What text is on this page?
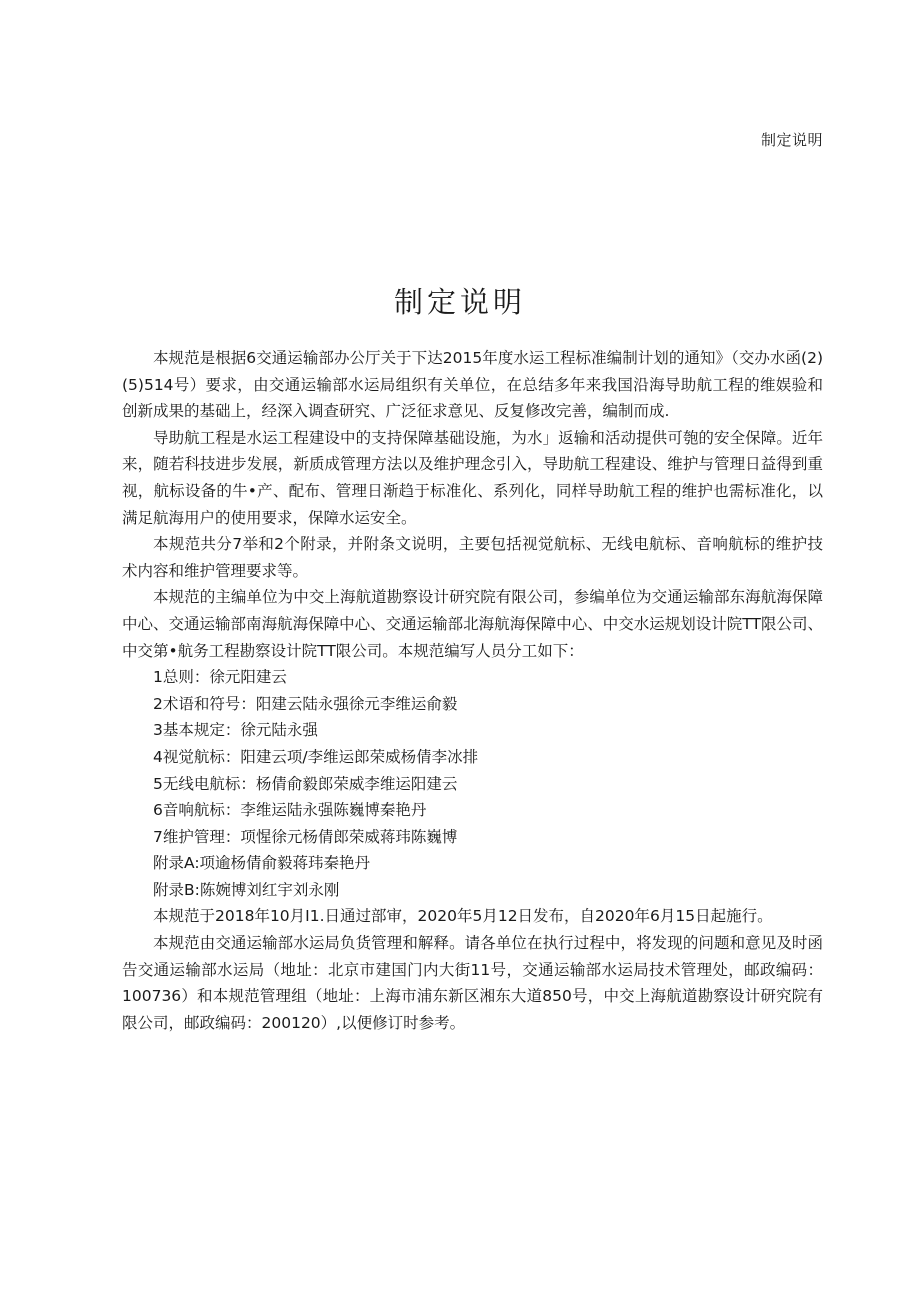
制定说明
制定说明

本规范是根据6交通运输部办公厅关于下达2015年度水运工程标准编制计划的通知》（交办水函(2)(5)514号）要求，由交通运输部水运局组织有关单位，在总结多年来我国沿海导助航工程的维娱验和创新成果的基础上，经深入调查研究、广泛征求意见、反复修改完善，编制而成.

导助航工程是水运工程建设中的支持保障基础设施，为水」返输和活动提供可匏的安全保障。近年来，随若科技进步发展，新质成管理方法以及维护理念引入，导助航工程建设、维护与管理日益得到重视，航标设备的牛•产、配布、管理日渐趋于标准化、系列化，同样导助航工程的维护也需标准化，以满足航海用户的使用要求，保障水运安全。

本规范共分7举和2个附录，并附条文说明，主要包括视觉航标、无线电航标、音响航标的维护技术内容和维护管理要求等。

本规范的主编单位为中交上海航道勘察设计研究院有限公司，参编单位为交通运输部东海航海保障中心、交通运输部南海航海保障中心、交通运输部北海航海保障中心、中交水运规划设计院TT限公司、中交第•航务工程勘察设计院TT限公司。本规范编写人员分工如下：

1总则：徐元阳建云

2术语和符号：阳建云陆永强徐元李维运俞毅

3基本规定：徐元陆永强

4视觉航标：阳建云项/李维运郎荣威杨倩李冰排

5无线电航标：杨倩俞毅郎荣威李维运阳建云

6音响航标：李维运陆永强陈巍博秦艳丹

7维护管理：项惺徐元杨倩郎荣威蒋玮陈巍博

附录A:项逾杨倩俞毅蒋玮秦艳丹

附录B:陈婉博刘红宇刘永刚

本规范于2018年10月I1.日通过部审，2020年5月12日发布，自2020年6月15日起施行。

本规范由交通运输部水运局负货管理和解释。请各单位在执行过程中，将发现的问题和意见及时函告交通运输部水运局（地址：北京市建国门内大街11号，交通运输部水运局技术管理处，邮政编码：100736）和本规范管理组（地址：上海市浦东新区湘东大道850号，中交上海航道勘察设计研究院有限公司，邮政编码：200120）,以便修订时参考。
